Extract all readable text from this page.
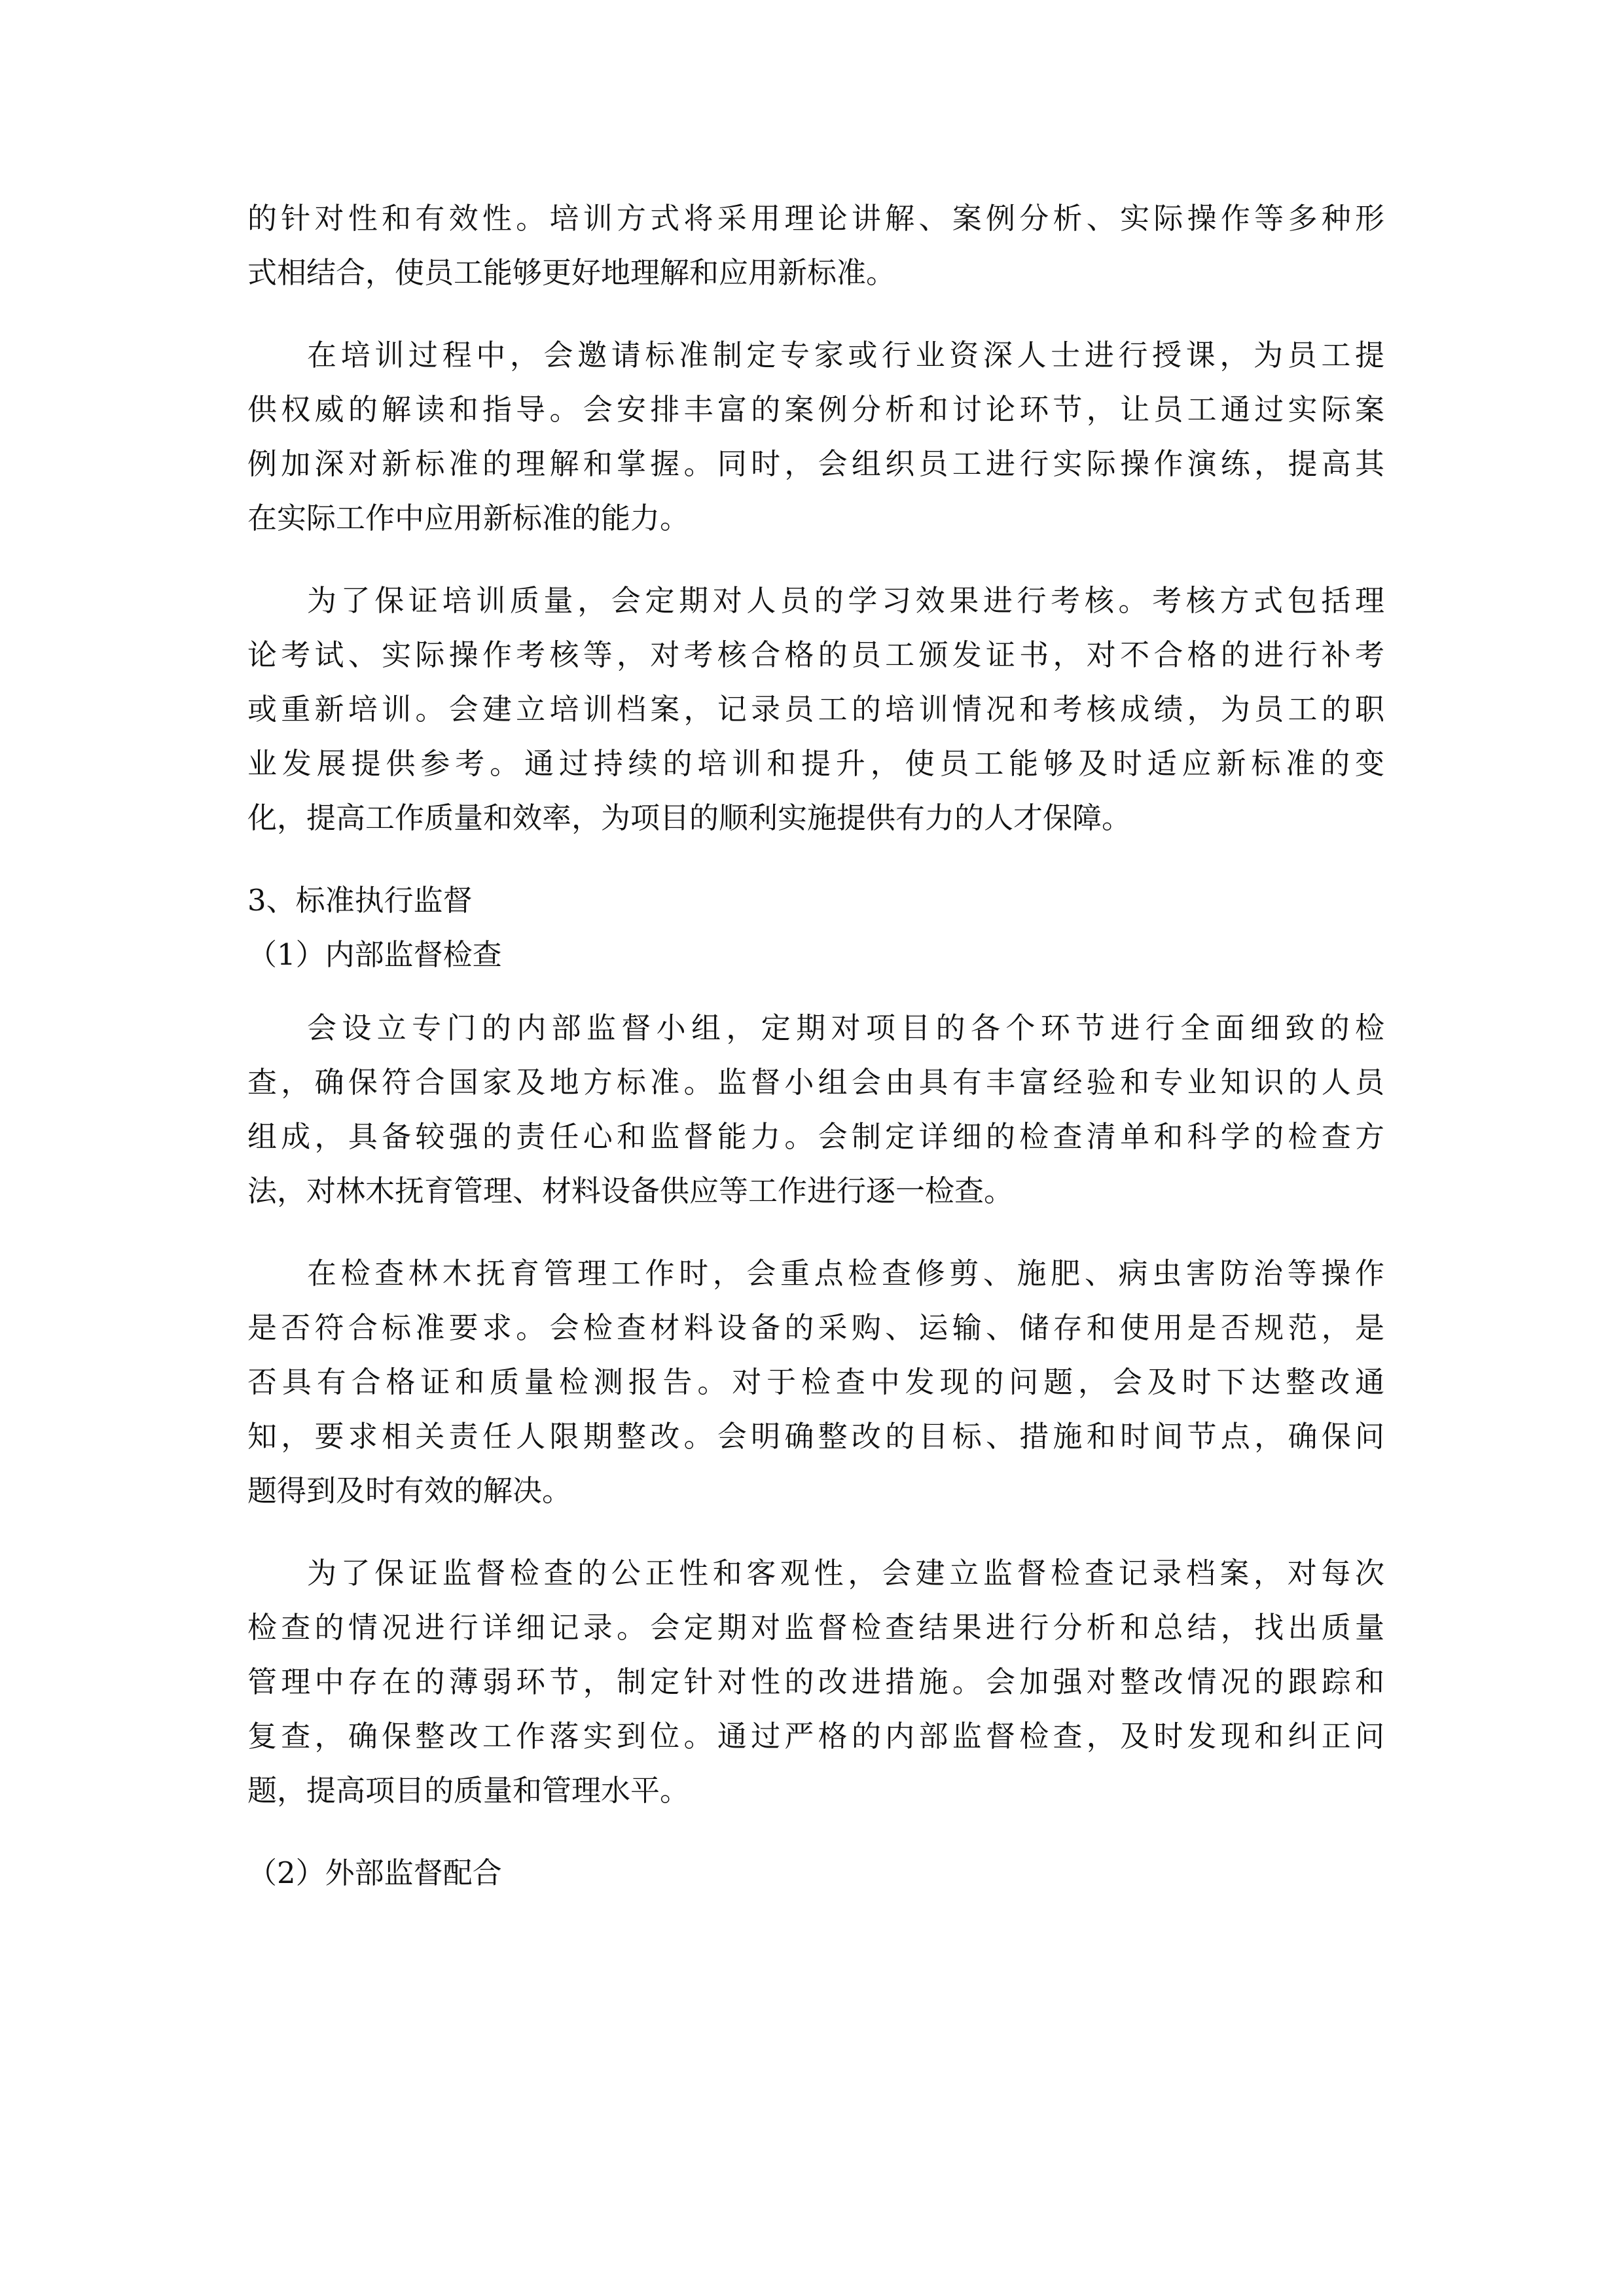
的针对性和有效性。培训方式将采用理论讲解、案例分析、实际操作等多种形
式相结合，使员工能够更好地理解和应用新标准。
在培训过程中，会邀请标准制定专家或行业资深人士进行授课，为员工提
供权威的解读和指导。会安排丰富的案例分析和讨论环节，让员工通过实际案
例加深对新标准的理解和掌握。同时，会组织员工进行实际操作演练，提高其
在实际工作中应用新标准的能力。
为了保证培训质量，会定期对人员的学习效果进行考核。考核方式包括理
论考试、实际操作考核等，对考核合格的员工颁发证书，对不合格的进行补考
或重新培训。会建立培训档案，记录员工的培训情况和考核成绩，为员工的职
业发展提供参考。通过持续的培训和提升，使员工能够及时适应新标准的变
化，提高工作质量和效率，为项目的顺利实施提供有力的人才保障。
3、标准执行监督
（1）内部监督检查
会设立专门的内部监督小组，定期对项目的各个环节进行全面细致的检
查，确保符合国家及地方标准。监督小组会由具有丰富经验和专业知识的人员
组成，具备较强的责任心和监督能力。会制定详细的检查清单和科学的检查方
法，对林木抚育管理、材料设备供应等工作进行逐一检查。
在检查林木抚育管理工作时，会重点检查修剪、施肥、病虫害防治等操作
是否符合标准要求。会检查材料设备的采购、运输、储存和使用是否规范，是
否具有合格证和质量检测报告。对于检查中发现的问题，会及时下达整改通
知，要求相关责任人限期整改。会明确整改的目标、措施和时间节点，确保问
题得到及时有效的解决。
为了保证监督检查的公正性和客观性，会建立监督检查记录档案，对每次
检查的情况进行详细记录。会定期对监督检查结果进行分析和总结，找出质量
管理中存在的薄弱环节，制定针对性的改进措施。会加强对整改情况的跟踪和
复查，确保整改工作落实到位。通过严格的内部监督检查，及时发现和纠正问
题，提高项目的质量和管理水平。
（2）外部监督配合
